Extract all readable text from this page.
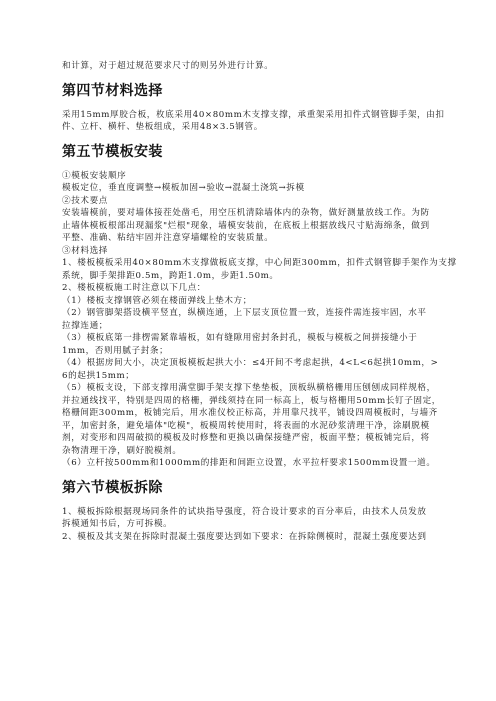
和计算，对于超过规范要求尺寸的则另外进行计算。

第四节材料选择

采用15mm厚胶合板，枚底采用40×80mm木支撑支撑，承重架采用扣件式钢管脚手架，由扣

件、立杆、横杆、垫板组成，采用48×3.5钢管。

第五节模板安装

①模板安装顺序

模板定位，垂直度调整→模板加固→验收→混凝土浇筑→拆模

②技术要点

安装墙模前，要对墙体接茬处凿毛，用空压机清除墙体内的杂物，做好测量放线工作。为防

止墙体模板根部出现漏浆"烂根"现象，墙模安装前，在底板上根据放线尺寸贴海绵条，做到

平整、准确、粘结牢固并注意穿墙螺栓的安装质量。

③材料选择

1、楼板模板采用40×80mm木支撑做板底支撑，中心间距300mm，扣件式钢管脚手架作为支撑

系统，脚手架排距0.5m，跨距1.0m，步距1.50m。

2、楼板模板施工时注意以下几点：

（1）楼板支撑钢管必须在楼面弹线上垫木方；

（2）钢管脚架搭设横平竖直，纵横连通，上下层支顶位置一致，连接件需连接牢固，水平

拉撑连通；

（3）模板底第一排楞需紧靠墙板，如有缝隙用密封条封孔，模板与模板之间拼接缝小于

1mm，否则用腻子封条；

（4）根据房间大小，决定顶板模板起拱大小：≤4开间不考虑起拱，4<L<6起拱10mm，>

6的起拱15mm；

（5）模板支设，下部支撑用满堂脚手架支撑下垫垫板，顶板纵横格栅用压刨刨成同样规格，

并拉通线找平，特别是四周的格栅，弹线须持在同一标高上，板与格栅用50mm长钉子固定，

格栅间距300mm，板铺完后，用水准仪校正标高，并用靠尺找平，铺设四周模板时，与墙齐

平，加密封条，避免墙体"吃模"，板模周转使用时，将表面的水泥砂浆清理干净，涂刷脱模

剂，对变形和四周破损的模板及时修整和更换以确保接缝严密，板面平整；模板铺完后，将

杂物清理干净，刷好脱模剂。

（6）立杆按500mm和1000mm的排距和间距立设置，水平拉杆要求1500mm设置一道。

第六节模板拆除

1、模板拆除根据现场同条件的试块指导强度，符合设计要求的百分率后，由技术人员发放

拆模通知书后，方可拆模。

2、模板及其支架在拆除时混凝土强度要达到如下要求：在拆除侧模时，混凝土强度要达到
